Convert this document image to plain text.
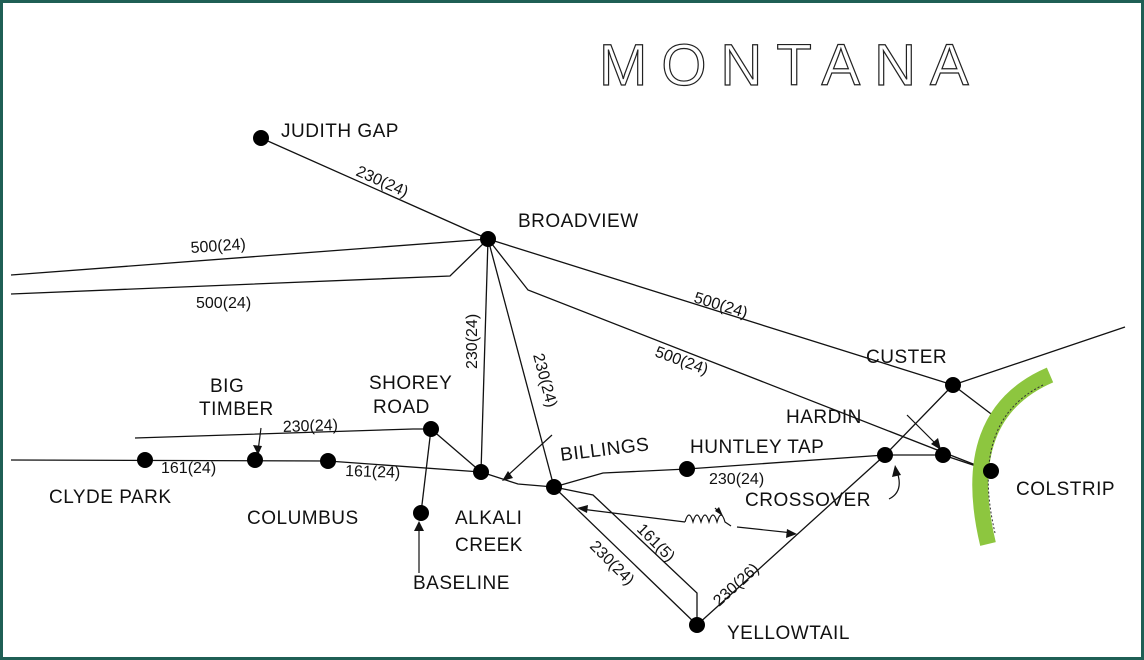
MONTANA
JUDITH GAP
BROADVIEW
CUSTER
HARDIN
COLSTRIP
HUNTLEY TAP
CROSSOVER
BILLINGS
ALKALI
CREEK
SHOREY
ROAD
BIG
TIMBER
CLYDE PARK
COLUMBUS
BASELINE
YELLOWTAIL
230(24)
500(24)
500(24)	500(24)
500(24)
230(24)
230(24)
230(24)
161(24)	161(24)	230(24)
230(24)
161(5)
230(26)
